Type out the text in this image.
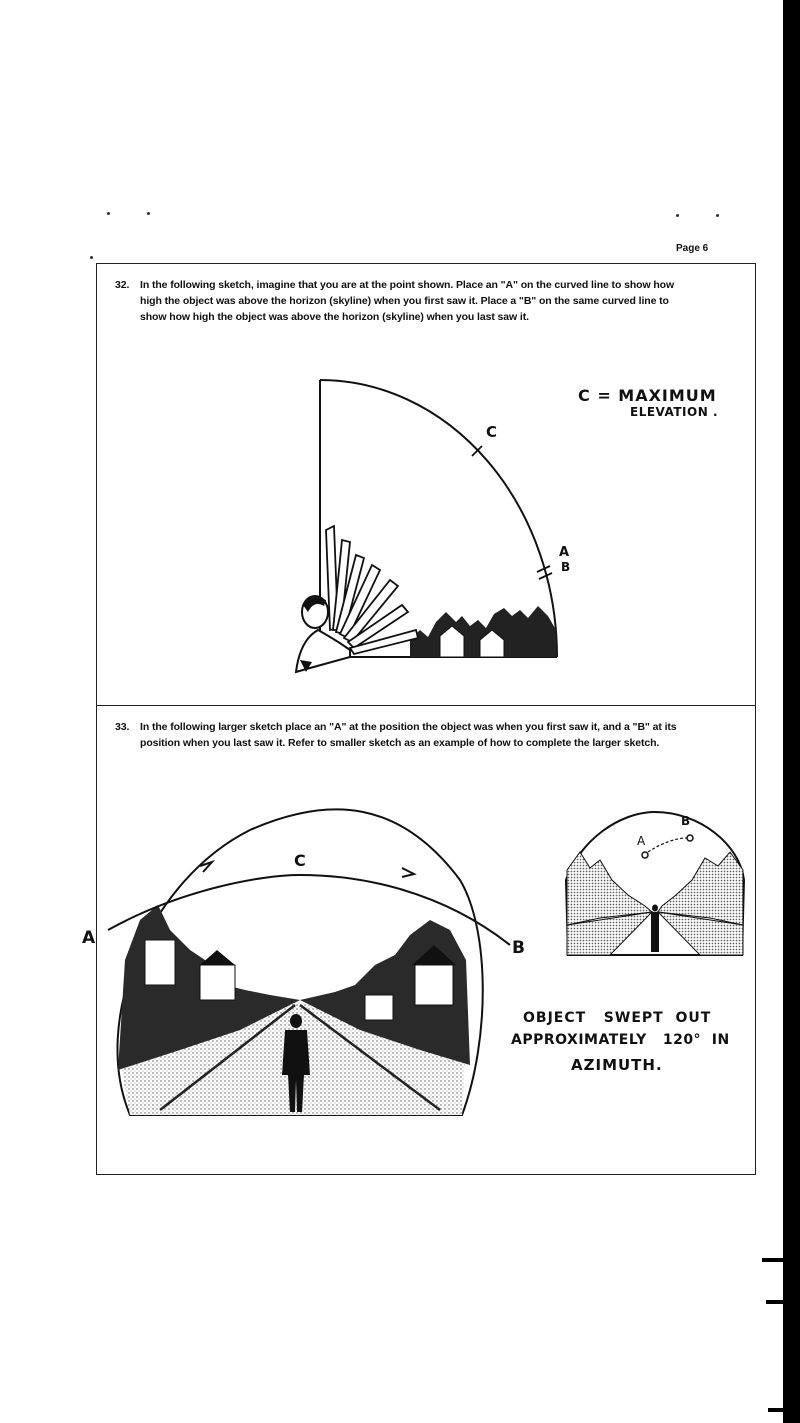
Page 6
32. In the following sketch, imagine that you are at the point shown. Place an "A" on the curved line to show how
high the object was above the horizon (skyline) when you first saw it. Place a "B" on the same curved line to
show how high the object was above the horizon (skyline) when you last saw it.
C
A
B
C = MAXIMUM
ELEVATION .
33. In the following larger sketch place an "A" at the position the object was when you first saw it, and a "B" at its
position when you last saw it. Refer to smaller sketch as an example of how to complete the larger sketch.
A	B
C
A
B
OBJECT   SWEPT  OUT
APPROXIMATELY   120°  IN
AZIMUTH.
